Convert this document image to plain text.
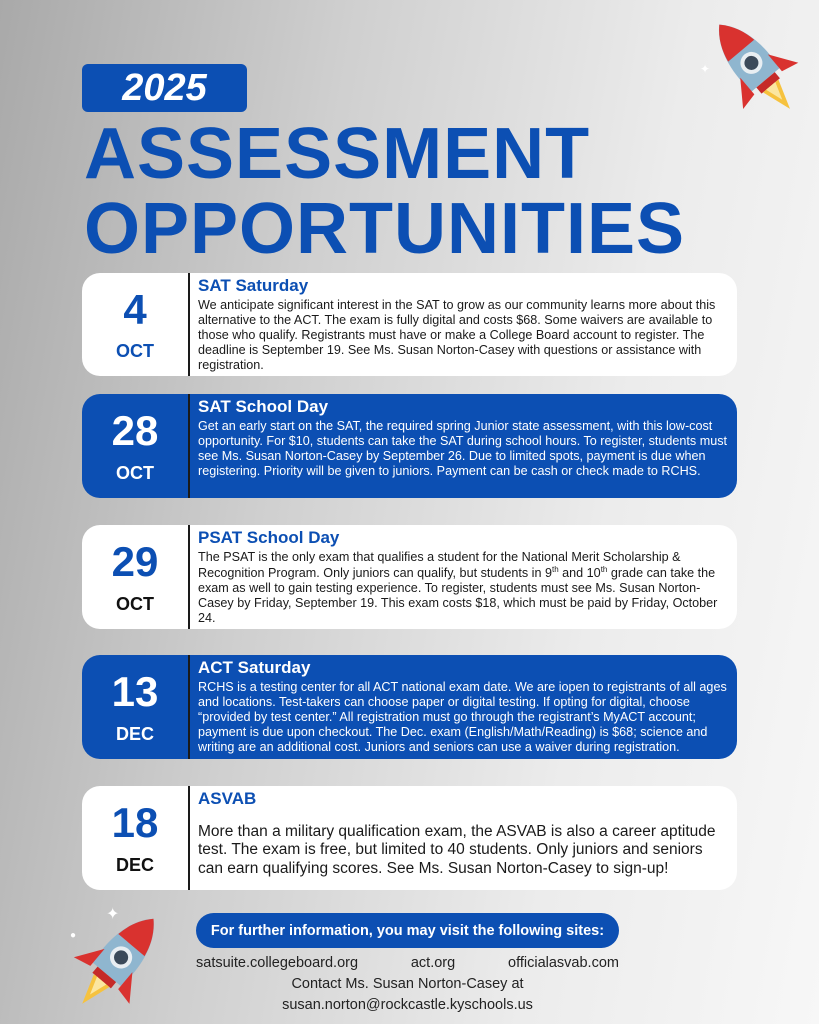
✦
2025
ASSESSMENT
OPPORTUNITIES
4
OCT
SAT Saturday
We anticipate significant interest in the SAT to grow as our community learns more about this alternative to the ACT. The exam is fully digital and costs $68. Some waivers are available to those who qualify. Registrants must have or make a College Board account to register. The deadline is September 19. See Ms. Susan Norton-Casey with questions or assistance with registration.
28
OCT
SAT School Day
Get an early start on the SAT, the required spring Junior state assessment, with this low-cost opportunity. For $10, students can take the SAT during school hours. To register, students must see Ms. Susan Norton-Casey by September 26. Due to limited spots, payment is due when registering. Priority will be given to juniors. Payment can be cash or check made to RCHS.
29
OCT
PSAT School Day
The PSAT is the only exam that qualifies a student for the National Merit Scholarship & Recognition Program. Only juniors can qualify, but students in 9th and 10th grade can take the exam as well to gain testing experience. To register, students must see Ms. Susan Norton-Casey by Friday, September 19. This exam costs $18, which must be paid by Friday, October 24.
13
DEC
ACT Saturday
RCHS is a testing center for all ACT national exam date. We are iopen to registrants of all ages and locations. Test-takers can choose paper or digital testing. If opting for digital, choose “provided by test center.” All registration must go through the registrant’s MyACT account; payment is due upon checkout. The Dec. exam (English/Math/Reading) is $68; science and writing are an additional cost. Juniors and seniors can use a waiver during registration.
18
DEC
ASVAB
More than a military qualification exam, the ASVAB is also a career aptitude test. The exam is free, but limited to 40 students. Only juniors and seniors can earn qualifying scores. See Ms. Susan Norton-Casey to sign-up!
✦
●	For further information, you may visit the following sites:
satsuite.collegeboard.org	act.org	officialasvab.com
Contact Ms. Susan Norton-Casey at
susan.norton@rockcastle.kyschools.us
